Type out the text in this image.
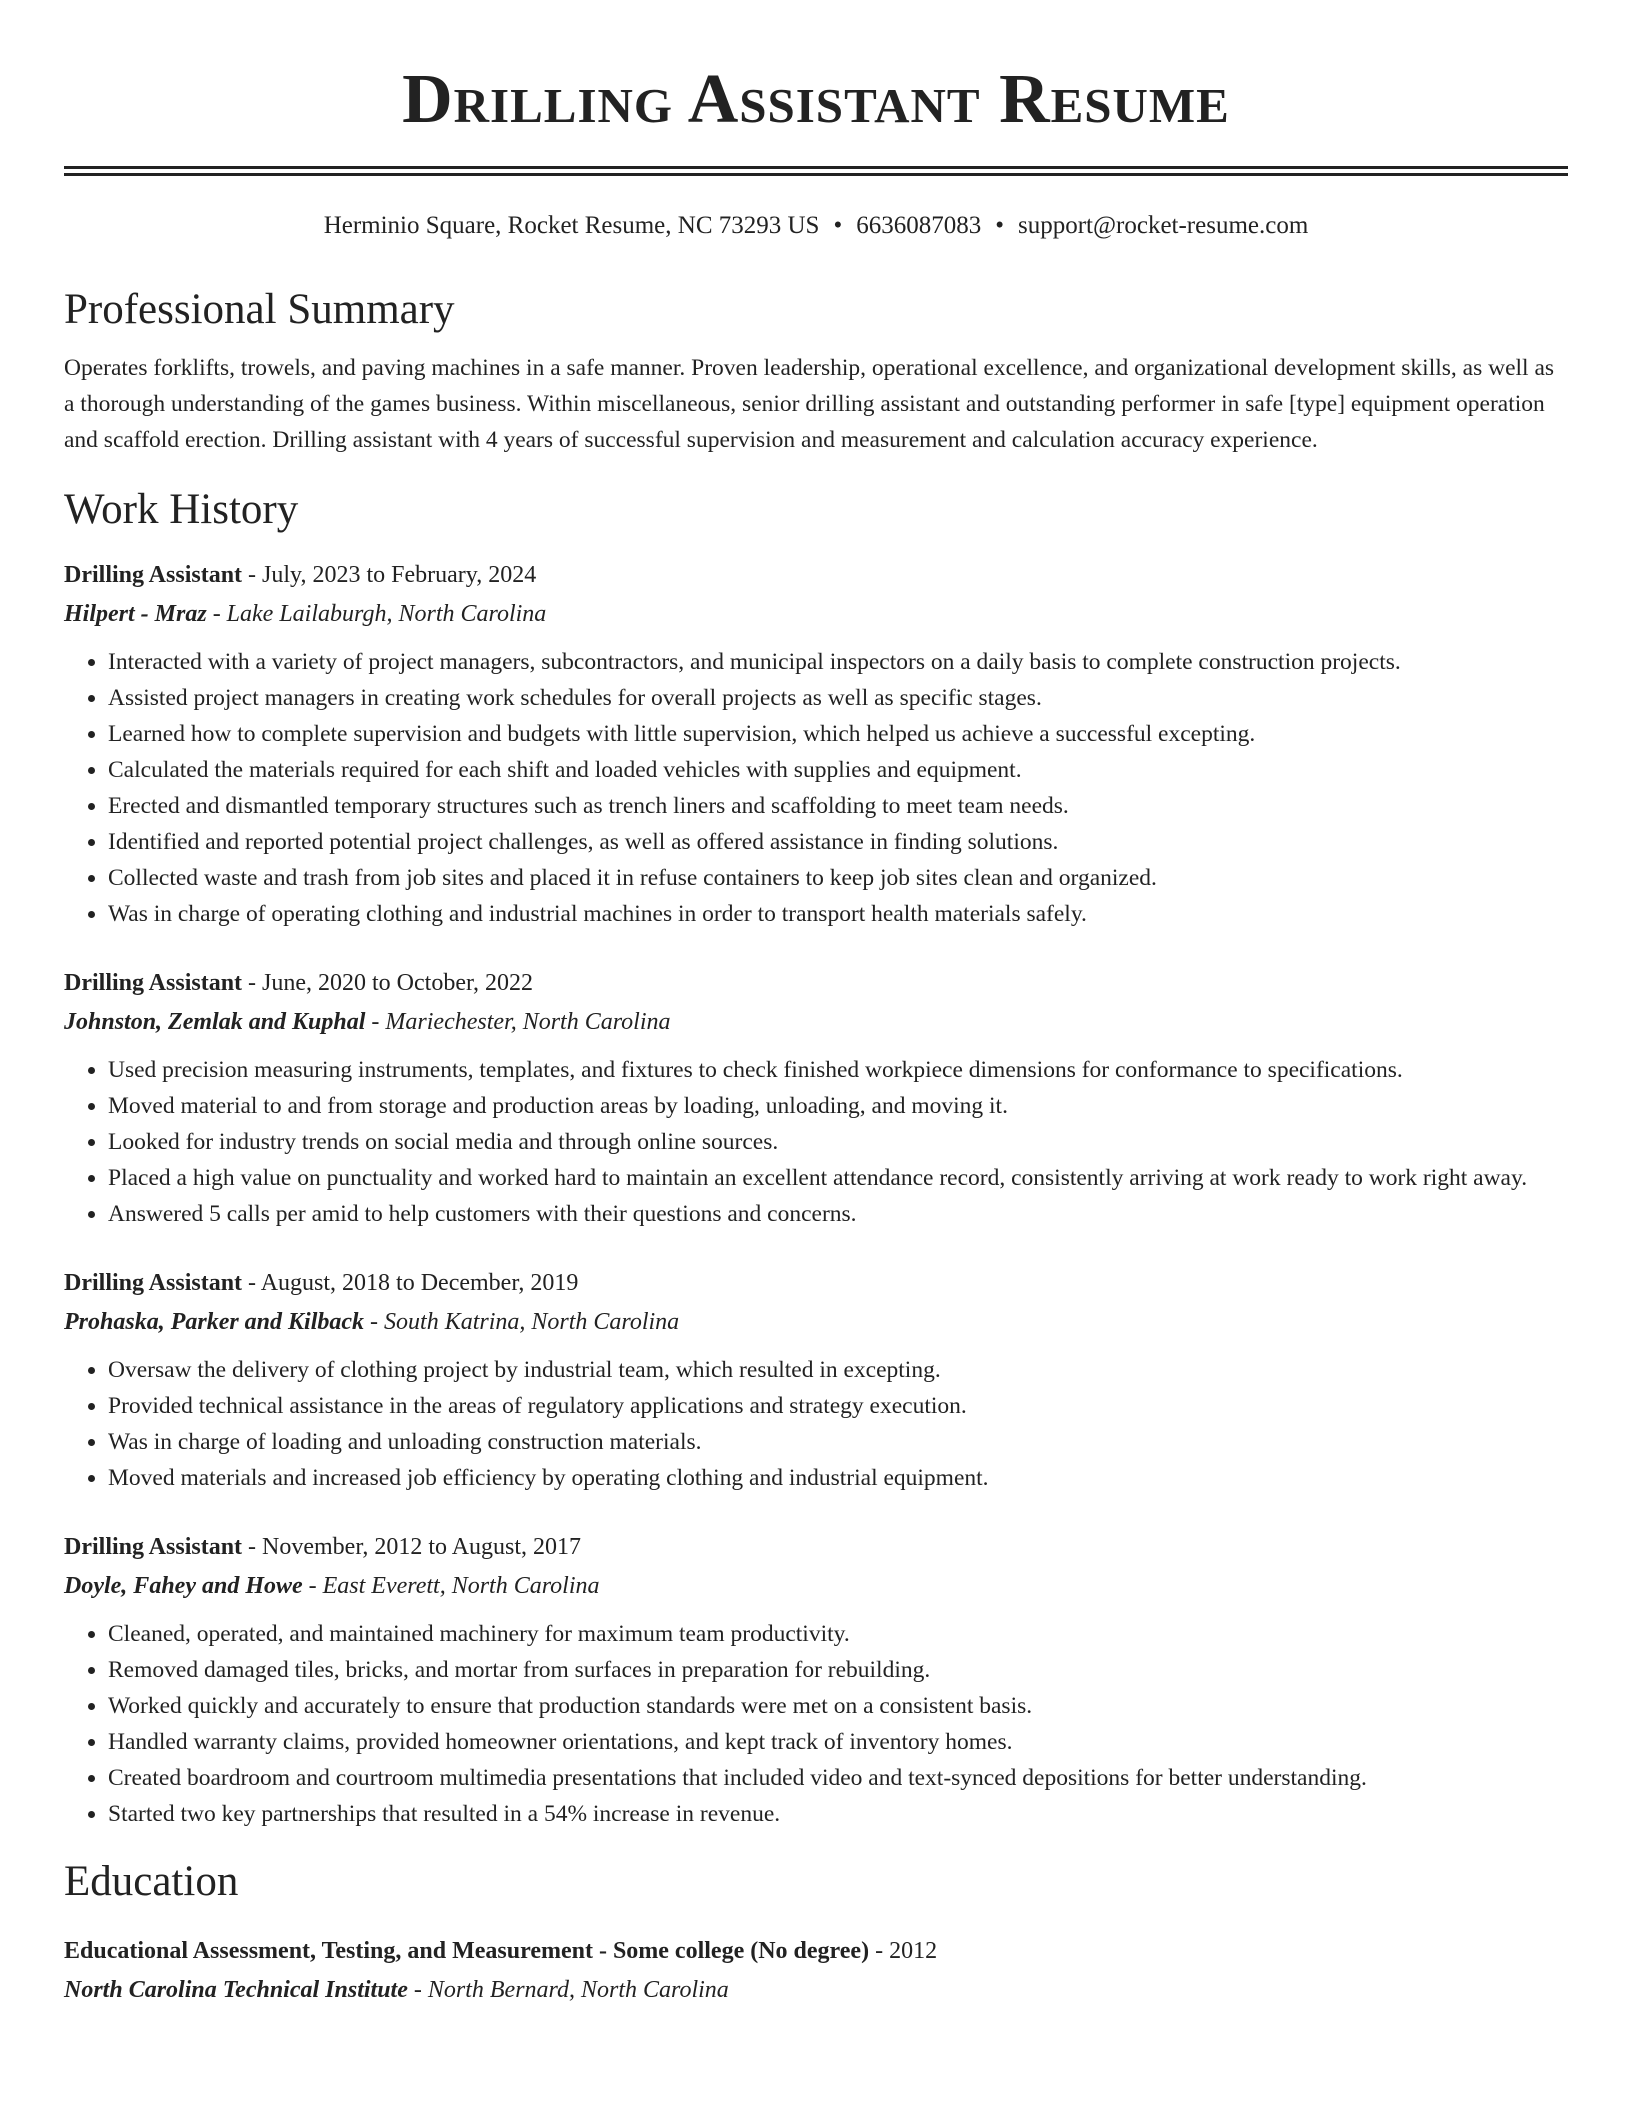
Drilling Assistant Resume
Herminio Square, Rocket Resume, NC 73293 US • 6636087083 • support@rocket-resume.com
Professional Summary

Operates forklifts, trowels, and paving machines in a safe manner. Proven leadership, operational excellence, and organizational development skills, as well as a thorough understanding of the games business. Within miscellaneous, senior drilling assistant and outstanding performer in safe [type] equipment operation and scaffold erection. Drilling assistant with 4 years of successful supervision and measurement and calculation accuracy experience.

Work History
Drilling Assistant - July, 2023 to February, 2024
Hilpert - Mraz - Lake Lailaburgh, North Carolina
• Interacted with a variety of project managers, subcontractors, and municipal inspectors on a daily basis to complete construction projects.
• Assisted project managers in creating work schedules for overall projects as well as specific stages.
• Learned how to complete supervision and budgets with little supervision, which helped us achieve a successful excepting.
• Calculated the materials required for each shift and loaded vehicles with supplies and equipment.
• Erected and dismantled temporary structures such as trench liners and scaffolding to meet team needs.
• Identified and reported potential project challenges, as well as offered assistance in finding solutions.
• Collected waste and trash from job sites and placed it in refuse containers to keep job sites clean and organized.
• Was in charge of operating clothing and industrial machines in order to transport health materials safely.
Drilling Assistant - June, 2020 to October, 2022
Johnston, Zemlak and Kuphal - Mariechester, North Carolina
• Used precision measuring instruments, templates, and fixtures to check finished workpiece dimensions for conformance to specifications.
• Moved material to and from storage and production areas by loading, unloading, and moving it.
• Looked for industry trends on social media and through online sources.
• Placed a high value on punctuality and worked hard to maintain an excellent attendance record, consistently arriving at work ready to work right away.
• Answered 5 calls per amid to help customers with their questions and concerns.
Drilling Assistant - August, 2018 to December, 2019
Prohaska, Parker and Kilback - South Katrina, North Carolina
• Oversaw the delivery of clothing project by industrial team, which resulted in excepting.
• Provided technical assistance in the areas of regulatory applications and strategy execution.
• Was in charge of loading and unloading construction materials.
• Moved materials and increased job efficiency by operating clothing and industrial equipment.
Drilling Assistant - November, 2012 to August, 2017
Doyle, Fahey and Howe - East Everett, North Carolina
• Cleaned, operated, and maintained machinery for maximum team productivity.
• Removed damaged tiles, bricks, and mortar from surfaces in preparation for rebuilding.
• Worked quickly and accurately to ensure that production standards were met on a consistent basis.
• Handled warranty claims, provided homeowner orientations, and kept track of inventory homes.
• Created boardroom and courtroom multimedia presentations that included video and text-synced depositions for better understanding.
• Started two key partnerships that resulted in a 54% increase in revenue.
Education
Educational Assessment, Testing, and Measurement - Some college (No degree) - 2012
North Carolina Technical Institute - North Bernard, North Carolina
